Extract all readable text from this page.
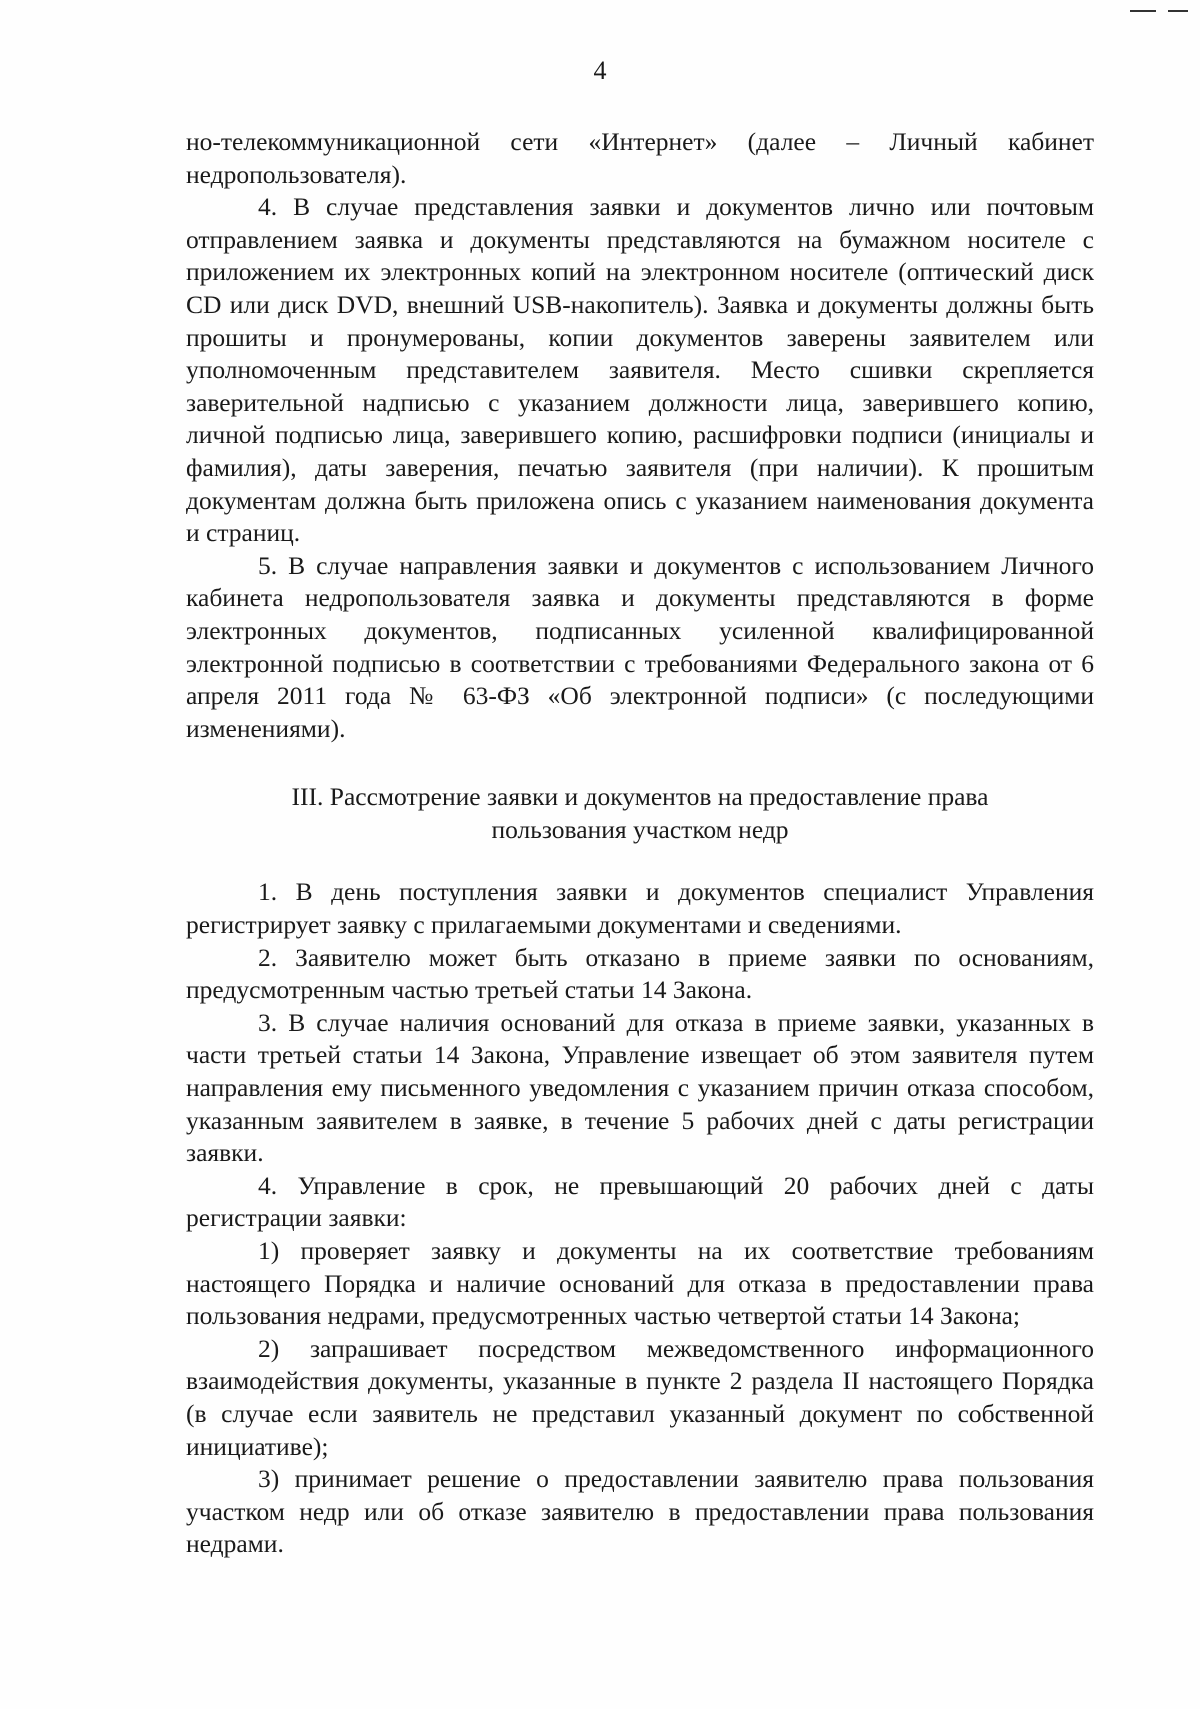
4

но-телекоммуникационной сети «Интернет» (далее – Личный кабинет недропользователя).

4. В случае представления заявки и документов лично или почтовым отправлением заявка и документы представляются на бумажном носителе с приложением их электронных копий на электронном носителе (оптический диск CD или диск DVD, внешний USB-накопитель). Заявка и документы должны быть прошиты и пронумерованы, копии документов заверены заявителем или уполномоченным представителем заявителя. Место сшивки скрепляется заверительной надписью с указанием должности лица, заверившего копию, личной подписью лица, заверившего копию, расшифровки подписи (инициалы и фамилия), даты заверения, печатью заявителя (при наличии). К прошитым документам должна быть приложена опись с указанием наименования документа и страниц.

5. В случае направления заявки и документов с использованием Личного кабинета недропользователя заявка и документы представляются в форме электронных документов, подписанных усиленной квалифицированной электронной подписью в соответствии с требованиями Федерального закона от 6 апреля 2011 года № 63-ФЗ «Об электронной подписи» (с последующими изменениями).

III. Рассмотрение заявки и документов на предоставление права
пользования участком недр

1. В день поступления заявки и документов специалист Управления регистрирует заявку с прилагаемыми документами и сведениями.

2. Заявителю может быть отказано в приеме заявки по основаниям, предусмотренным частью третьей статьи 14 Закона.

3. В случае наличия оснований для отказа в приеме заявки, указанных в части третьей статьи 14 Закона, Управление извещает об этом заявителя путем направления ему письменного уведомления с указанием причин отказа способом, указанным заявителем в заявке, в течение 5 рабочих дней с даты регистрации заявки.

4. Управление в срок, не превышающий 20 рабочих дней с даты регистрации заявки:

1) проверяет заявку и документы на их соответствие требованиям настоящего Порядка и наличие оснований для отказа в предоставлении права пользования недрами, предусмотренных частью четвертой статьи 14 Закона;

2) запрашивает посредством межведомственного информационного взаимодействия документы, указанные в пункте 2 раздела II настоящего Порядка (в случае если заявитель не представил указанный документ по собственной инициативе);

3) принимает решение о предоставлении заявителю права пользования участком недр или об отказе заявителю в предоставлении права пользования недрами.
